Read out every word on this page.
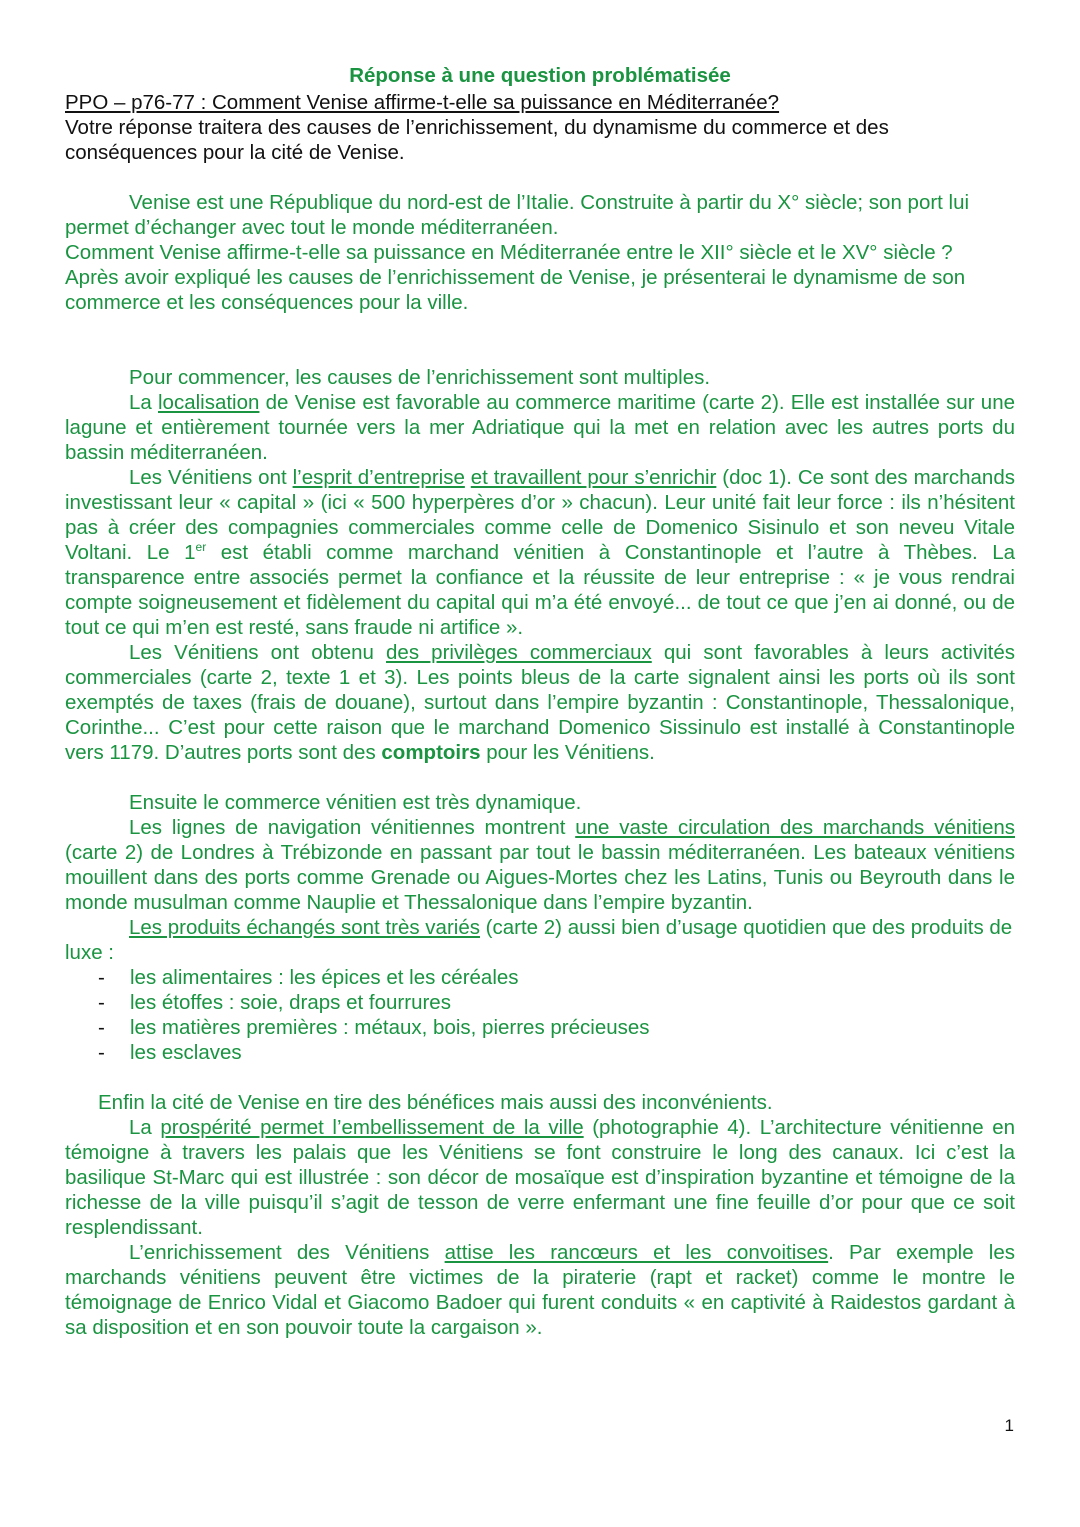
Réponse à une question problématisée

PPO – p76-77 : Comment Venise affirme-t-elle sa puissance en Méditerranée?

Votre réponse traitera des causes de l’enrichissement, du dynamisme du commerce et des conséquences pour la cité de Venise.

Venise est une République du nord-est de l’Italie. Construite à partir du X° siècle; son port lui permet d’échanger avec tout le monde méditerranéen.

Comment Venise affirme-t-elle sa puissance en Méditerranée entre le XII° siècle et le XV° siècle ?

Après avoir expliqué les causes de l’enrichissement de Venise, je présenterai le dynamisme de son commerce et les conséquences pour la ville.

Pour commencer, les causes de l’enrichissement sont multiples.

La localisation de Venise est favorable au commerce maritime (carte 2). Elle est installée sur une lagune et entièrement tournée vers la mer Adriatique qui la met en relation avec les autres ports du bassin méditerranéen.

Les Vénitiens ont l’esprit d’entreprise et travaillent pour s’enrichir (doc 1). Ce sont des marchands investissant leur « capital » (ici « 500 hyperpères d’or » chacun). Leur unité fait leur force : ils n’hésitent pas à créer des compagnies commerciales comme celle de Domenico Sisinulo et son neveu Vitale Voltani. Le 1er est établi comme marchand vénitien à Constantinople et l’autre à Thèbes. La transparence entre associés permet la confiance et la réussite de leur entreprise : « je vous rendrai compte soigneusement et fidèlement du capital qui m’a été envoyé... de tout ce que j’en ai donné, ou de tout ce qui m’en est resté, sans fraude ni artifice ».

Les Vénitiens ont obtenu des privilèges commerciaux qui sont favorables à leurs activités commerciales (carte 2, texte 1 et 3). Les points bleus de la carte signalent ainsi les ports où ils sont exemptés de taxes (frais de douane), surtout dans l’empire byzantin : Constantinople, Thessalonique, Corinthe... C’est pour cette raison que le marchand Domenico Sissinulo est installé à Constantinople vers 1179. D’autres ports sont des comptoirs pour les Vénitiens.

Ensuite le commerce vénitien est très dynamique.

Les lignes de navigation vénitiennes montrent une vaste circulation des marchands vénitiens (carte 2) de Londres à Trébizonde en passant par tout le bassin méditerranéen. Les bateaux vénitiens mouillent dans des ports comme Grenade ou Aigues-Mortes chez les Latins, Tunis ou Beyrouth dans le monde musulman comme Nauplie et Thessalonique dans l’empire byzantin.

Les produits échangés sont très variés (carte 2) aussi bien d’usage quotidien que des produits de luxe :

- les alimentaires : les épices et les céréales
- les étoffes : soie, draps et fourrures
- les matières premières : métaux, bois, pierres précieuses
- les esclaves

Enfin la cité de Venise en tire des bénéfices mais aussi des inconvénients.

La prospérité permet l’embellissement de la ville (photographie 4). L’architecture vénitienne en témoigne à travers les palais que les Vénitiens se font construire le long des canaux. Ici c’est la basilique St-Marc qui est illustrée : son décor de mosaïque est d’inspiration byzantine et témoigne de la richesse de la ville puisqu’il s’agit de tesson de verre enfermant une fine feuille d’or pour que ce soit resplendissant.

L’enrichissement des Vénitiens attise les rancœurs et les convoitises. Par exemple les marchands vénitiens peuvent être victimes de la piraterie (rapt et racket) comme le montre le témoignage de Enrico Vidal et Giacomo Badoer qui furent conduits « en captivité à Raidestos gardant à sa disposition et en son pouvoir toute la cargaison ».

1
